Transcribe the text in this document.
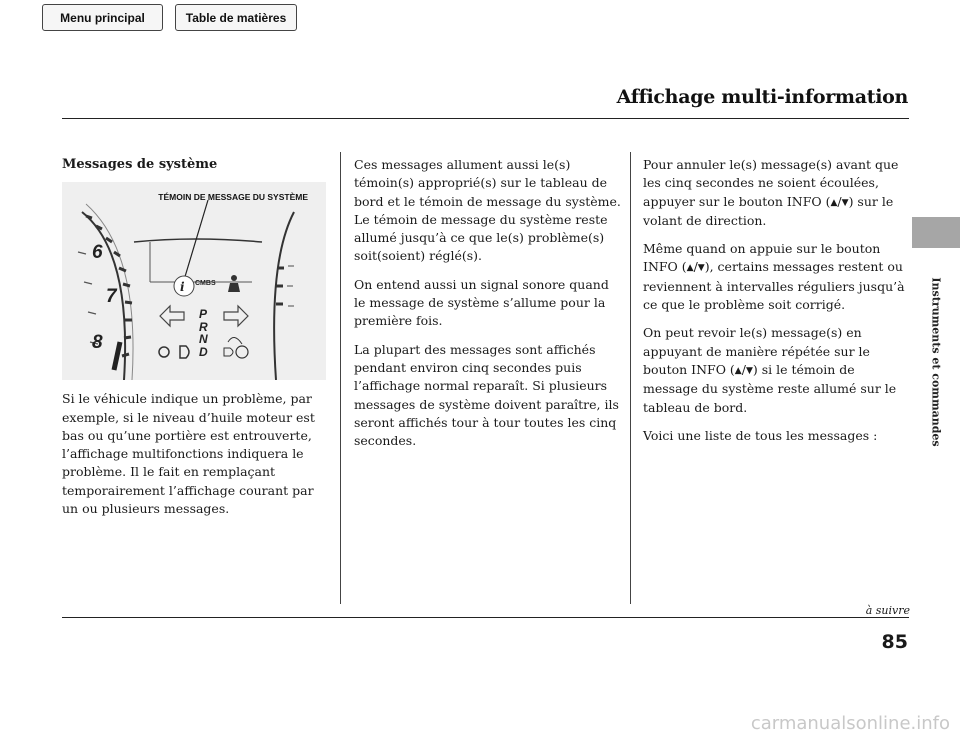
Menu principal	Table de matières
Affichage multi-information
Instruments et commandes
Messages de système
TÉMOIN DE MESSAGE DU SYSTÈME
6
7
8
i CMBS
P
R
N
D

Si le véhicule indique un problème, par exemple, si le niveau d’huile moteur est bas ou qu’une portière est entrouverte, l’affichage multifonctions indiquera le problème. Il le fait en remplaçant temporairement l’affichage courant par un ou plusieurs messages.

Ces messages allument aussi le(s) témoin(s) approprié(s) sur le tableau de bord et le témoin de message du système. Le témoin de message du système reste allumé jusqu’à ce que le(s) problème(s) soit(soient) réglé(s).

On entend aussi un signal sonore quand le message de système s’allume pour la première fois.

La plupart des messages sont affichés pendant environ cinq secondes puis l’affichage normal reparaît. Si plusieurs messages de système doivent paraître, ils seront affichés tour à tour toutes les cinq secondes.

Pour annuler le(s) message(s) avant que les cinq secondes ne soient écoulées, appuyer sur le bouton INFO (▲/▼) sur le volant de direction.

Même quand on appuie sur le bouton INFO (▲/▼), certains messages restent ou reviennent à intervalles réguliers jusqu’à ce que le problème soit corrigé.

On peut revoir le(s) message(s) en appuyant de manière répétée sur le bouton INFO (▲/▼) si le témoin de message du système reste allumé sur le tableau de bord.

Voici une liste de tous les messages :

à suivre
85
carmanualsonline.info
